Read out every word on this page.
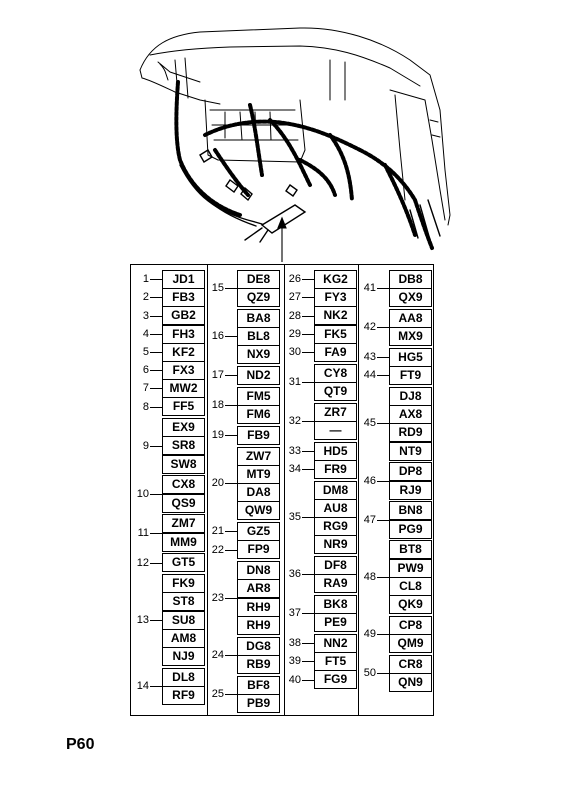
JD1
1
FB3
2
GB2
3
FH3
4
KF2
5
FX3
6
MW2
7
FF5
8
EX9
SR8
SW8
9
CX8
QS9
10
ZM7
MM9
11
GT5
12
FK9
ST8
SU8
AM8
NJ9
13
DL8
RF9
14
DE8
QZ9
15
BA8
BL8
NX9
16
ND2
17
FM5
FM6
18
FB9
19
ZW7
MT9
DA8
QW9
20
GZ5
21
FP9
22
DN8
AR8
RH9
RH9
23
DG8
RB9
24
BF8
PB9
25
KG2
26
FY3
27
NK2
28
FK5
29
FA9
30
CY8
QT9
31
ZR7
—
32
HD5
33
FR9
34
DM8
AU8
RG9
NR9
35
DF8
RA9
36
BK8
PE9
37
NN2
38
FT5
39
FG9
40
DB8
QX9
41
AA8
MX9
42
HG5
43
FT9
44
DJ8
AX8
RD9
NT9
45
DP8
RJ9
46
BN8
PG9
47
BT8
PW9
CL8
QK9
48
CP8
QM9
49
CR8
QN9
50
P60
